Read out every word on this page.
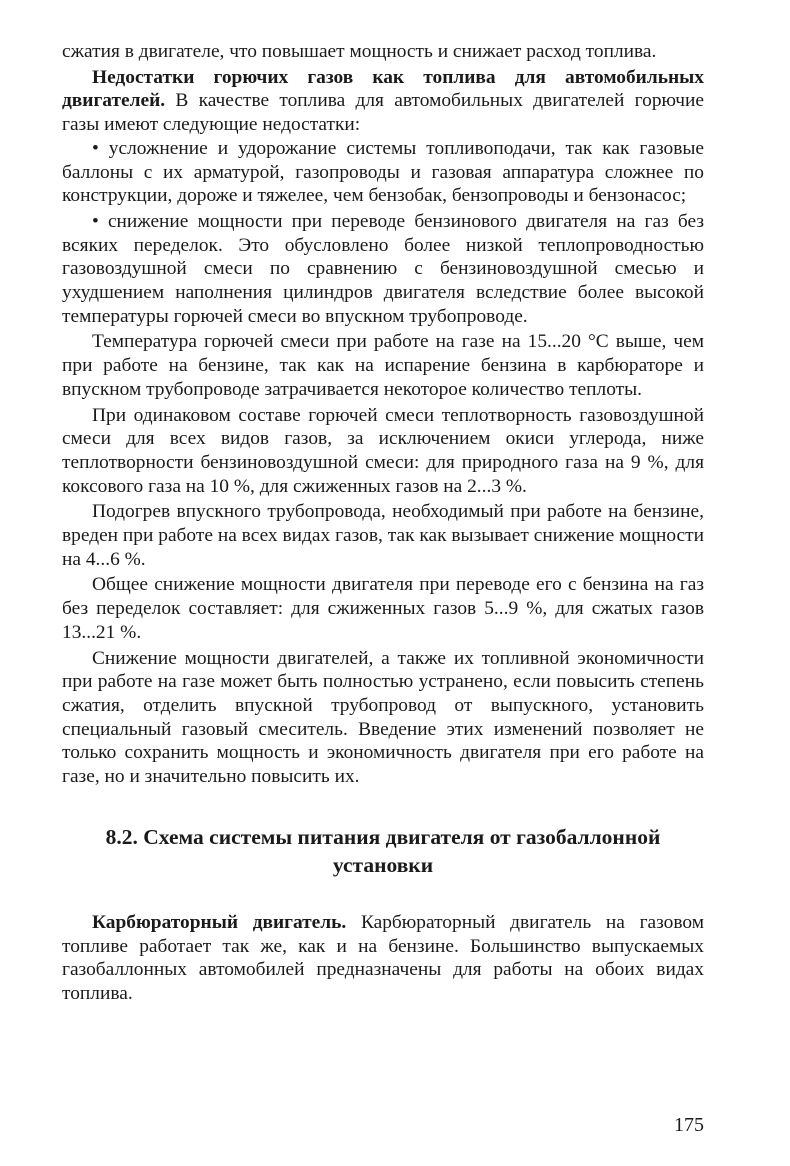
сжатия в двигателе, что повышает мощность и снижает расход топлива.

Недостатки горючих газов как топлива для автомобильных двигателей. В качестве топлива для автомобильных двигателей горючие газы имеют следующие недостатки:

• усложнение и удорожание системы топливоподачи, так как газовые баллоны с их арматурой, газопроводы и газовая аппаратура сложнее по конструкции, дороже и тяжелее, чем бензобак, бензопроводы и бензонасос;

• снижение мощности при переводе бензинового двигателя на газ без всяких переделок. Это обусловлено более низкой теплопроводностью газовоздушной смеси по сравнению с бензиновоздушной смесью и ухудшением наполнения цилиндров двигателя вследствие более высокой температуры горючей смеси во впускном трубопроводе.

Температура горючей смеси при работе на газе на 15...20 °С выше, чем при работе на бензине, так как на испарение бензина в карбюраторе и впускном трубопроводе затрачивается некоторое количество теплоты.

При одинаковом составе горючей смеси теплотворность газовоздушной смеси для всех видов газов, за исключением окиси углерода, ниже теплотворности бензиновоздушной смеси: для природного газа на 9 %, для коксового газа на 10 %, для сжиженных газов на 2...3 %.

Подогрев впускного трубопровода, необходимый при работе на бензине, вреден при работе на всех видах газов, так как вызывает снижение мощности на 4...6 %.

Общее снижение мощности двигателя при переводе его с бензина на газ без переделок составляет: для сжиженных газов 5...9 %, для сжатых газов 13...21 %.

Снижение мощности двигателей, а также их топливной экономичности при работе на газе может быть полностью устранено, если повысить степень сжатия, отделить впускной трубопровод от выпускного, установить специальный газовый смеситель. Введение этих изменений позволяет не только сохранить мощность и экономичность двигателя при его работе на газе, но и значительно повысить их.

8.2. Схема системы питания двигателя от газобаллонной установки

Карбюраторный двигатель. Карбюраторный двигатель на газовом топливе работает так же, как и на бензине. Большинство выпускаемых газобаллонных автомобилей предназначены для работы на обоих видах топлива.

175
